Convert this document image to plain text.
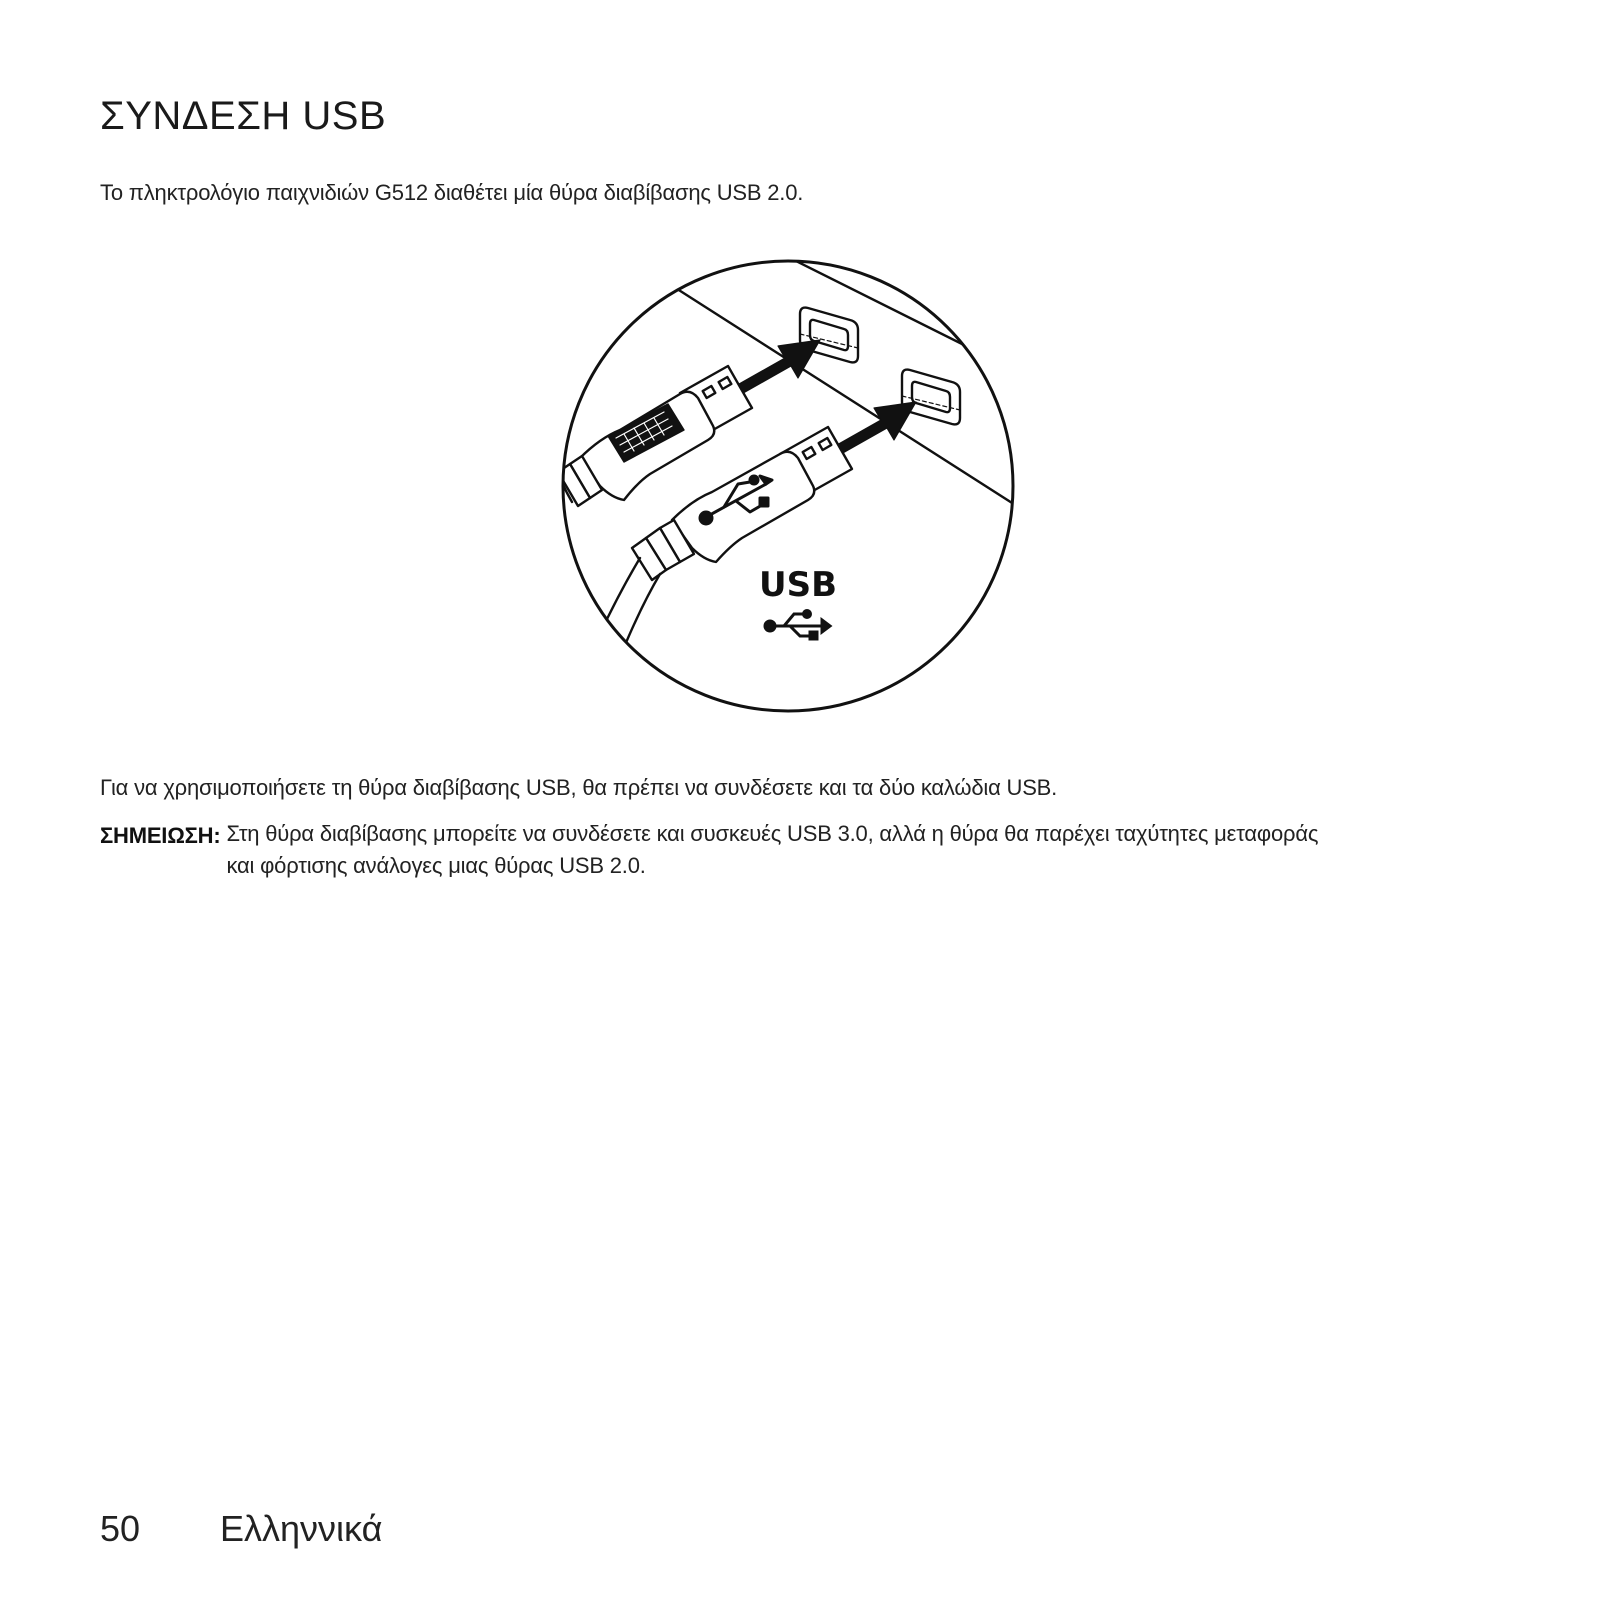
ΣΥΝΔΕΣΗ USB

Το πληκτρολόγιο παιχνιδιών G512 διαθέτει μία θύρα διαβίβασης USB 2.0.

USB

Για να χρησιμοποιήσετε τη θύρα διαβίβασης USB, θα πρέπει να συνδέσετε και τα δύο καλώδια USB.

ΣΗΜΕΙΩΣΗ: Στη θύρα διαβίβασης μπορείτε να συνδέσετε και συσκευές USB 3.0, αλλά η θύρα θα παρέχει ταχύτητες μεταφοράς και φόρτισης ανάλογες μιας θύρας USB 2.0.
50	Ελληννικά
